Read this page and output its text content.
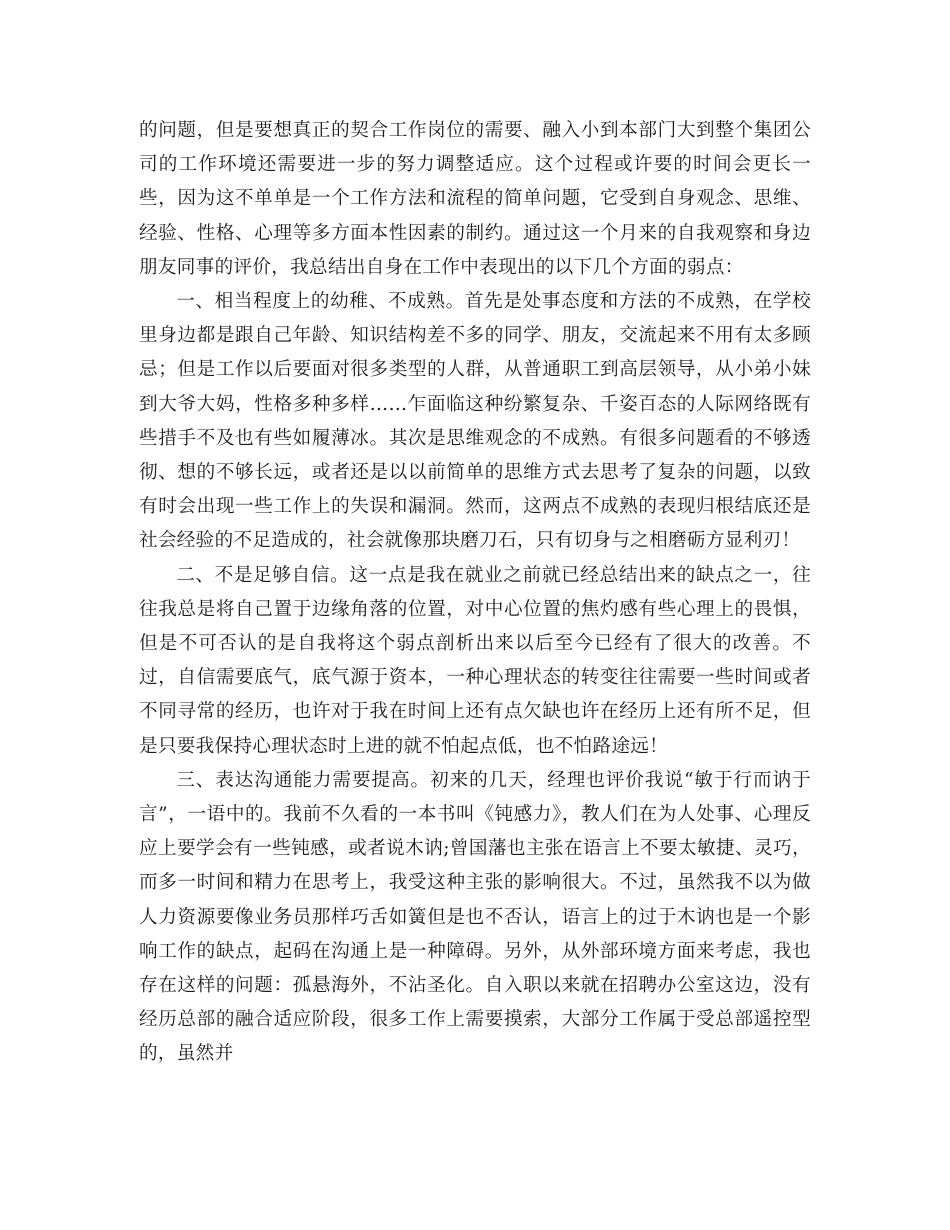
的问题，但是要想真正的契合工作岗位的需要、融入小到本部门大到整个集团公司的工作环境还需要进一步的努力调整适应。这个过程或许要的时间会更长一些，因为这不单单是一个工作方法和流程的简单问题，它受到自身观念、思维、经验、性格、心理等多方面本性因素的制约。通过这一个月来的自我观察和身边朋友同事的评价，我总结出自身在工作中表现出的以下几个方面的弱点：

一、相当程度上的幼稚、不成熟。首先是处事态度和方法的不成熟，在学校里身边都是跟自己年龄、知识结构差不多的同学、朋友，交流起来不用有太多顾忌；但是工作以后要面对很多类型的人群，从普通职工到高层领导，从小弟小妹到大爷大妈，性格多种多样……乍面临这种纷繁复杂、千姿百态的人际网络既有些措手不及也有些如履薄冰。其次是思维观念的不成熟。有很多问题看的不够透彻、想的不够长远，或者还是以以前简单的思维方式去思考了复杂的问题，以致有时会出现一些工作上的失误和漏洞。然而，这两点不成熟的表现归根结底还是社会经验的不足造成的，社会就像那块磨刀石，只有切身与之相磨砺方显利刃！

二、不是足够自信。这一点是我在就业之前就已经总结出来的缺点之一，往往我总是将自己置于边缘角落的位置，对中心位置的焦灼感有些心理上的畏惧，但是不可否认的是自我将这个弱点剖析出来以后至今已经有了很大的改善。不过，自信需要底气，底气源于资本，一种心理状态的转变往往需要一些时间或者不同寻常的经历，也许对于我在时间上还有点欠缺也许在经历上还有所不足，但是只要我保持心理状态时上进的就不怕起点低，也不怕路途远！

三、表达沟通能力需要提高。初来的几天，经理也评价我说“敏于行而讷于言”，一语中的。我前不久看的一本书叫《钝感力》，教人们在为人处事、心理反应上要学会有一些钝感，或者说木讷;曾国藩也主张在语言上不要太敏捷、灵巧，而多一时间和精力在思考上，我受这种主张的影响很大。不过，虽然我不以为做人力资源要像业务员那样巧舌如簧但是也不否认，语言上的过于木讷也是一个影响工作的缺点，起码在沟通上是一种障碍。另外，从外部环境方面来考虑，我也存在这样的问题：孤悬海外，不沾圣化。自入职以来就在招聘办公室这边，没有经历总部的融合适应阶段，很多工作上需要摸索，大部分工作属于受总部遥控型的，虽然并
